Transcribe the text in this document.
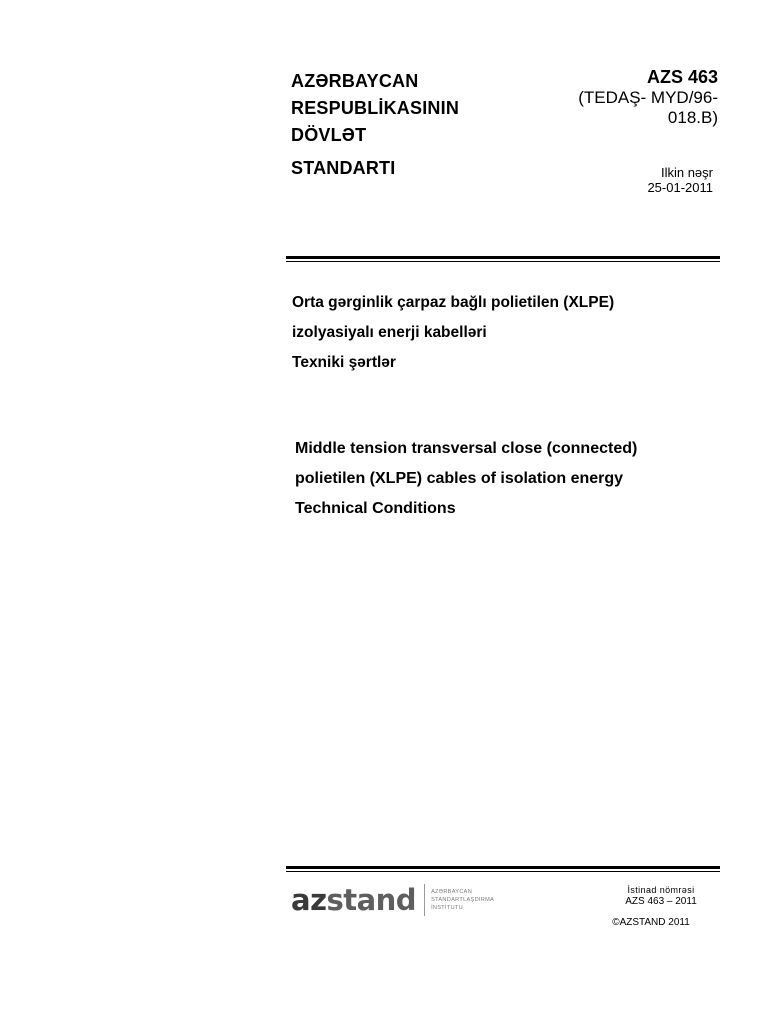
AZƏRBAYCAN
RESPUBLİKASININ
DÖVLƏT
STANDARTI
AZS 463
(TEDAŞ- MYD/96-
018.B)
Ilkin nəşr
25-01-2011
Orta gərginlik çarpaz bağlı polietilen (XLPE)
izolyasiyalı enerji kabelləri
Texniki şərtlər
Middle tension transversal close (connected)
polietilen (XLPE) cables of isolation energy
Technical Conditions
azstand	AZƏRBAYCAN
STANDARTLAŞDIRMA
İNSTİTUTU
İstinad nömrəsi
AZS 463 – 2011
©AZSTAND 2011
